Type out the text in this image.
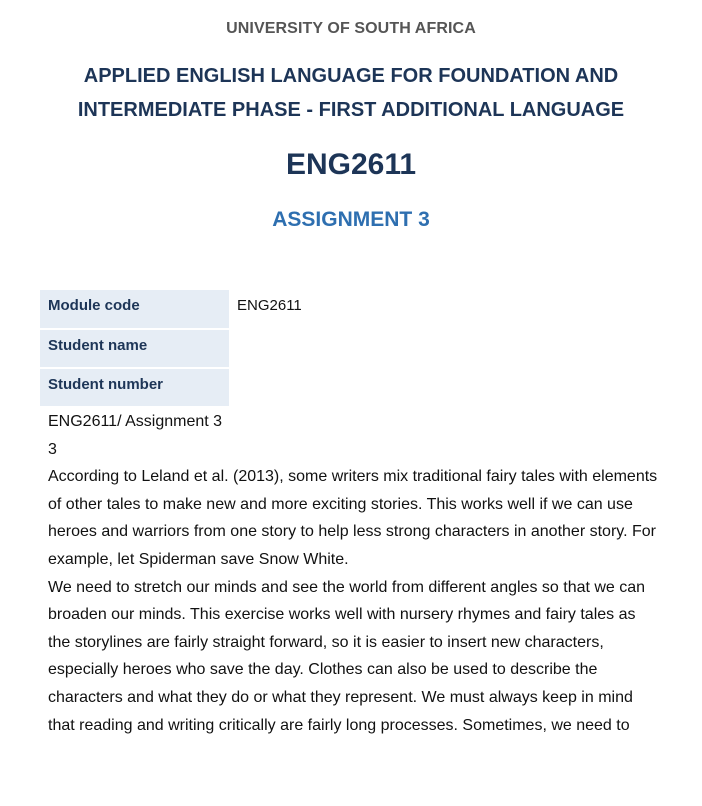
UNIVERSITY OF SOUTH AFRICA
APPLIED ENGLISH LANGUAGE FOR FOUNDATION AND
INTERMEDIATE PHASE - FIRST ADDITIONAL LANGUAGE
ENG2611
ASSIGNMENT 3
Module code	ENG2611
Student name	
Student number	

ENG2611/ Assignment 3

3

According to Leland et al. (2013), some writers mix traditional fairy tales with elements of other tales to make new and more exciting stories. This works well if we can use heroes and warriors from one story to help less strong characters in another story. For example, let Spiderman save Snow White.

We need to stretch our minds and see the world from different angles so that we can broaden our minds. This exercise works well with nursery rhymes and fairy tales as the storylines are fairly straight forward, so it is easier to insert new characters, especially heroes who save the day. Clothes can also be used to describe the characters and what they do or what they represent. We must always keep in mind that reading and writing critically are fairly long processes. Sometimes, we need to
